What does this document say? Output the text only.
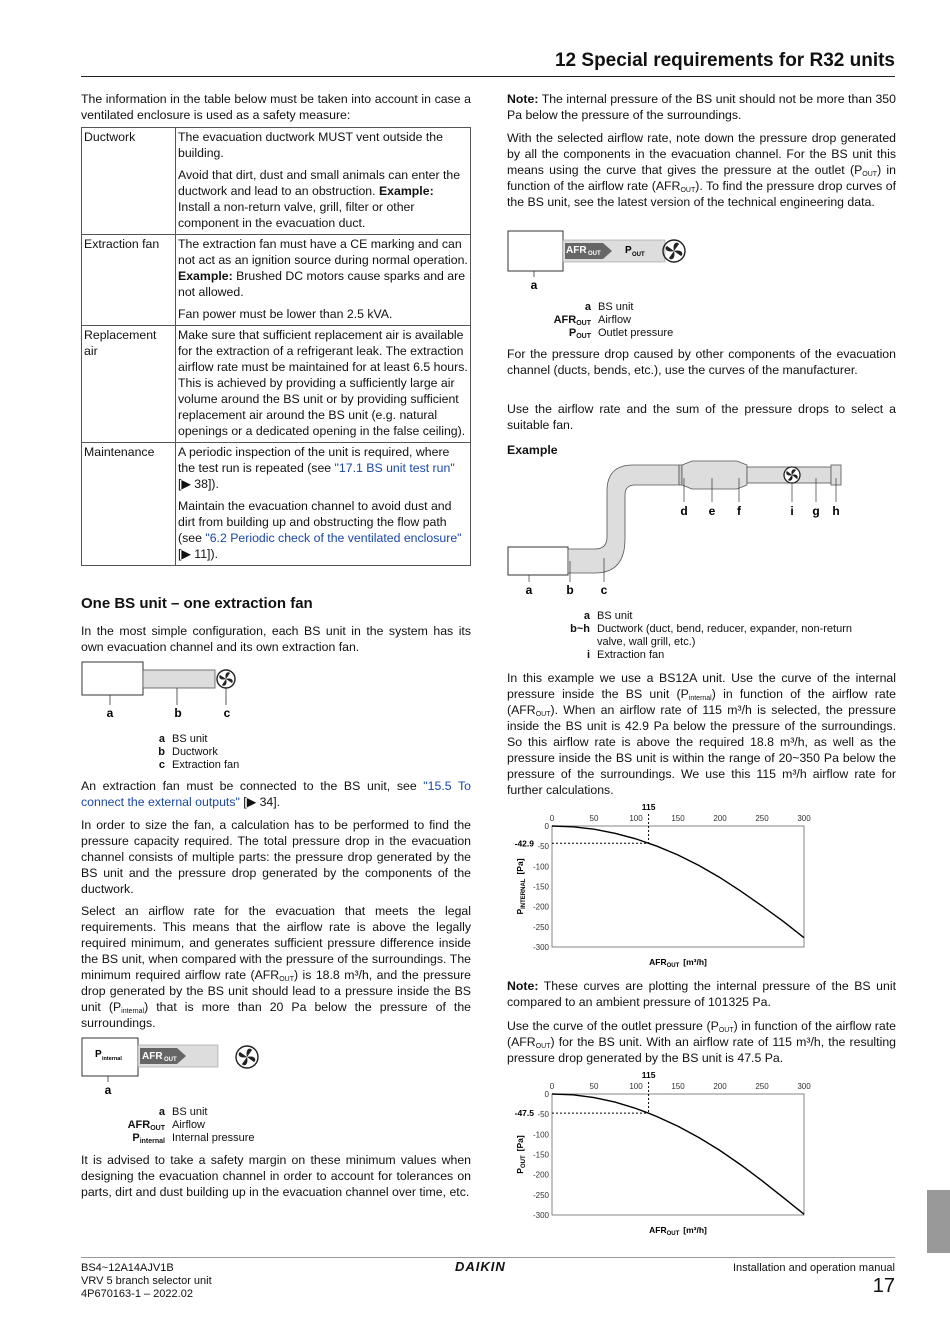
12 Special requirements for R32 units
The information in the table below must be taken into account in case a ventilated enclosure is used as a safety measure:
Ductwork	The evacuation ductwork MUST vent outside the building.

Avoid that dirt, dust and small animals can enter the ductwork and lead to an obstruction. Example: Install a non-return valve, grill, filter or other component in the evacuation duct.

Extraction fan	The extraction fan must have a CE marking and can not act as an ignition source during normal operation. Example: Brushed DC motors cause sparks and are not allowed.

Fan power must be lower than 2.5 kVA.

Replacement air	Make sure that sufficient replacement air is available for the extraction of a refrigerant leak. The extraction airflow rate must be maintained for at least 6.5 hours. This is achieved by providing a sufficiently large air volume around the BS unit or by providing sufficient replacement air around the BS unit (e.g. natural openings or a dedicated opening in the false ceiling).

Maintenance	A periodic inspection of the unit is required, where the test run is repeated (see "17.1 BS unit test run" [▶ 38]).

Maintain the evacuation channel to avoid dust and dirt from building up and obstructing the flow path (see "6.2 Periodic check of the ventilated enclosure" [▶ 11]).

One BS unit – one extraction fan
In the most simple configuration, each BS unit in the system has its own evacuation channel and its own extraction fan.
a	b	c
a BS unit
b Ductwork
c Extraction fan
An extraction fan must be connected to the BS unit, see "15.5 To connect the external outputs" [▶ 34].
In order to size the fan, a calculation has to be performed to find the pressure capacity required. The total pressure drop in the evacuation channel consists of multiple parts: the pressure drop generated by the BS unit and the pressure drop generated by the components of the ductwork.
Select an airflow rate for the evacuation that meets the legal requirements. This means that the airflow rate is above the legally required minimum, and generates sufficient pressure difference inside the BS unit, when compared with the pressure of the surroundings. The minimum required airflow rate $(AFR_{OUT})$ is 18.8 m³/h, and the pressure drop generated by the BS unit should lead to a pressure inside the BS unit $(P_{internal})$ that is more than 20 Pa below the pressure of the surroundings.
P internal AFR OUT
a
a BS unit
$AFR_{OUT}$ Airflow
$P_{internal}$ Internal pressure
It is advised to take a safety margin on these minimum values when designing the evacuation channel in order to account for tolerances on parts, dirt and dust building up in the evacuation channel over time, etc.
Note: The internal pressure of the BS unit should not be more than 350 Pa below the pressure of the surroundings.
With the selected airflow rate, note down the pressure drop generated by all the components in the evacuation channel. For the BS unit this means using the curve that gives the pressure at the outlet $(P_{OUT})$ in function of the airflow rate $(AFR_{OUT})$. To find the pressure drop curves of the BS unit, see the latest version of the technical engineering data.
AFR OUT P OUT
a
a BS unit
$AFR_{OUT}$ Airflow
$P_{OUT}$ Outlet pressure
For the pressure drop caused by other components of the evacuation channel (ducts, bends, etc.), use the curves of the manufacturer.
Use the airflow rate and the sum of the pressure drops to select a suitable fan.
Example
a	b c
d e f	i g h
a BS unit
b~h Ductwork (duct, bend, reducer, expander, non-return valve, wall grill, etc.)
i Extraction fan
In this example we use a BS12A unit. Use the curve of the internal pressure inside the BS unit $(P_{internal})$ in function of the airflow rate $(AFR_{OUT})$. When an airflow rate of 115 m³/h is selected, the pressure inside the BS unit is 42.9 Pa below the pressure of the surroundings. So this airflow rate is above the required 18.8 m³/h, as well as the pressure inside the BS unit is within the range of 20~350 Pa below the pressure of the surroundings. We use this 115 m³/h airflow rate for further calculations.
0	50	100	150	200	250	300
0
-50
-100
-150
-200
-250
-300
115
-42.9
$AFR_{OUT}$ [m³/h]
$P_{INTERNAL}[Pa]$
Note: These curves are plotting the internal pressure of the BS unit compared to an ambient pressure of 101325 Pa.
Use the curve of the outlet pressure $(P_{OUT})$ in function of the airflow rate $(AFR_{OUT})$ for the BS unit. With an airflow rate of 115 m³/h, the resulting pressure drop generated by the BS unit is 47.5 Pa.
0	50	100	150	200	250	300
0
-50
-100
-150
-200
-250
-300
115
-47.5
$AFR_{OUT}$ [m³/h]
$P_{OUT}[Pa]$
BS4~12A14AJV1B
VRV 5 branch selector unit
4P670163-1 – 2022.02
DAIKIN	Installation and operation manual
17
